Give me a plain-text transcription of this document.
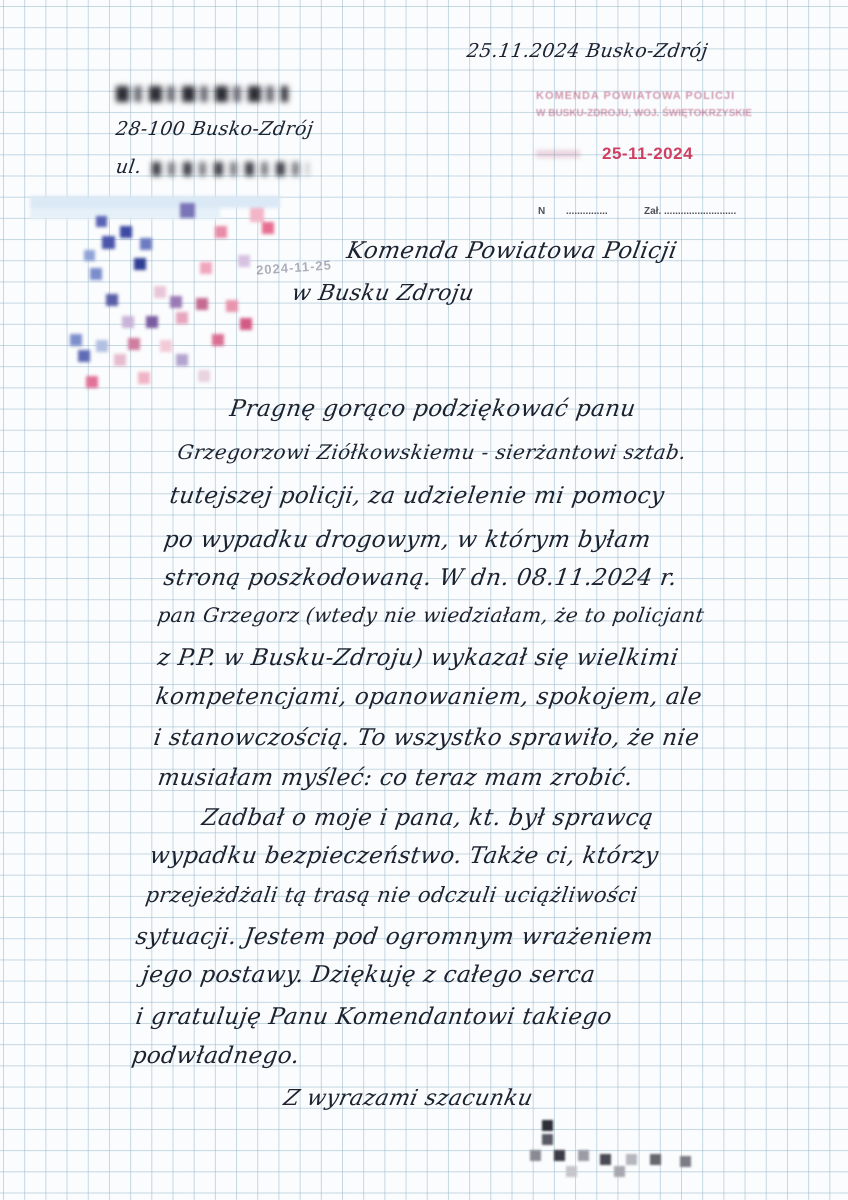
25.11.2024 Busko-Zdrój

28-100 Busko-Zdrój

ul.
2024-11-25
KOMENDA POWIATOWA POLICJI
W BUSKU-ZDROJU, WOJ. ŚWIĘTOKRZYSKIE
25-11-2024
N ...............	Zał. ..........................

Komenda Powiatowa Policji

w Busku Zdroju

Pragnę gorąco podziękować panu

Grzegorzowi Ziółkowskiemu - sierżantowi sztab.

tutejszej policji, za udzielenie mi pomocy

po wypadku drogowym, w którym byłam

stroną poszkodowaną. W dn. 08.11.2024 r.

pan Grzegorz (wtedy nie wiedziałam, że to policjant

z P.P. w Busku-Zdroju) wykazał się wielkimi

kompetencjami, opanowaniem, spokojem, ale

i stanowczością. To wszystko sprawiło, że nie

musiałam myśleć: co teraz mam zrobić.

Zadbał o moje i pana, kt. był sprawcą

wypadku bezpieczeństwo. Także ci, którzy

przejeżdżali tą trasą nie odczuli uciążliwości

sytuacji. Jestem pod ogromnym wrażeniem

jego postawy. Dziękuję z całego serca

i gratuluję Panu Komendantowi takiego

podwładnego.

Z wyrazami szacunku
